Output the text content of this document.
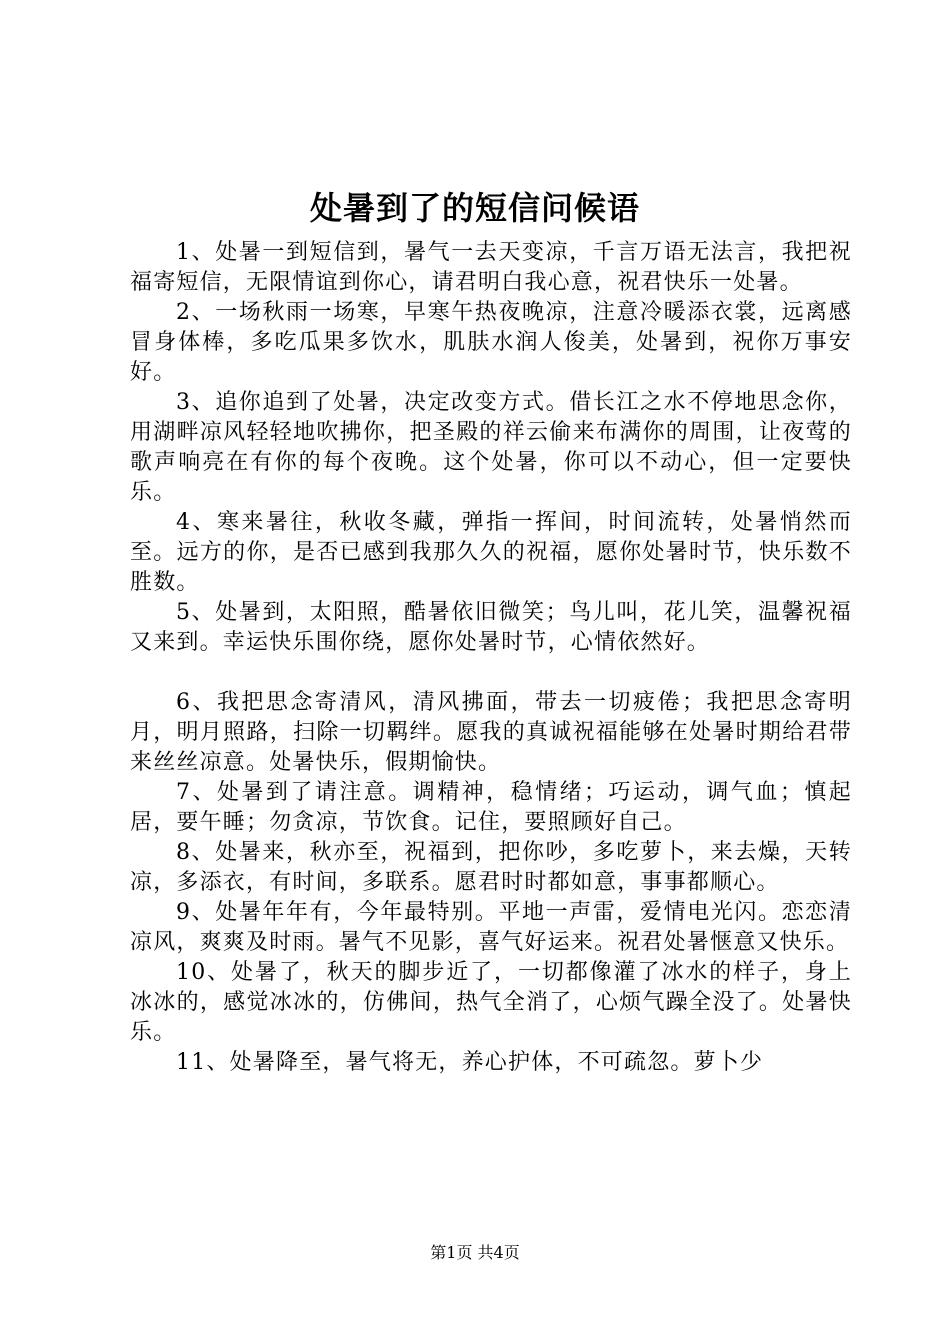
处暑到了的短信问候语

1、处暑一到短信到，暑气一去天变凉，千言万语无法言，我把祝福寄短信，无限情谊到你心，请君明白我心意，祝君快乐一处暑。

2、一场秋雨一场寒，早寒午热夜晚凉，注意冷暖添衣裳，远离感冒身体棒，多吃瓜果多饮水，肌肤水润人俊美，处暑到，祝你万事安好。

3、追你追到了处暑，决定改变方式。借长江之水不停地思念你，用湖畔凉风轻轻地吹拂你，把圣殿的祥云偷来布满你的周围，让夜莺的歌声响亮在有你的每个夜晚。这个处暑，你可以不动心，但一定要快乐。

4、寒来暑往，秋收冬藏，弹指一挥间，时间流转，处暑悄然而至。远方的你，是否已感到我那久久的祝福，愿你处暑时节，快乐数不胜数。

5、处暑到，太阳照，酷暑依旧微笑；鸟儿叫，花儿笑，温馨祝福又来到。幸运快乐围你绕，愿你处暑时节，心情依然好。

6、我把思念寄清风，清风拂面，带去一切疲倦；我把思念寄明月，明月照路，扫除一切羁绊。愿我的真诚祝福能够在处暑时期给君带来丝丝凉意。处暑快乐，假期愉快。

7、处暑到了请注意。调精神，稳情绪；巧运动，调气血；慎起居，要午睡；勿贪凉，节饮食。记住，要照顾好自己。

8、处暑来，秋亦至，祝福到，把你吵，多吃萝卜，来去燥，天转凉，多添衣，有时间，多联系。愿君时时都如意，事事都顺心。

9、处暑年年有，今年最特别。平地一声雷，爱情电光闪。恋恋清凉风，爽爽及时雨。暑气不见影，喜气好运来。祝君处暑惬意又快乐。

10、处暑了，秋天的脚步近了，一切都像灌了冰水的样子，身上冰冰的，感觉冰冰的，仿佛间，热气全消了，心烦气躁全没了。处暑快乐。

11、处暑降至，暑气将无，养心护体，不可疏忽。萝卜少

第1页 共4页
